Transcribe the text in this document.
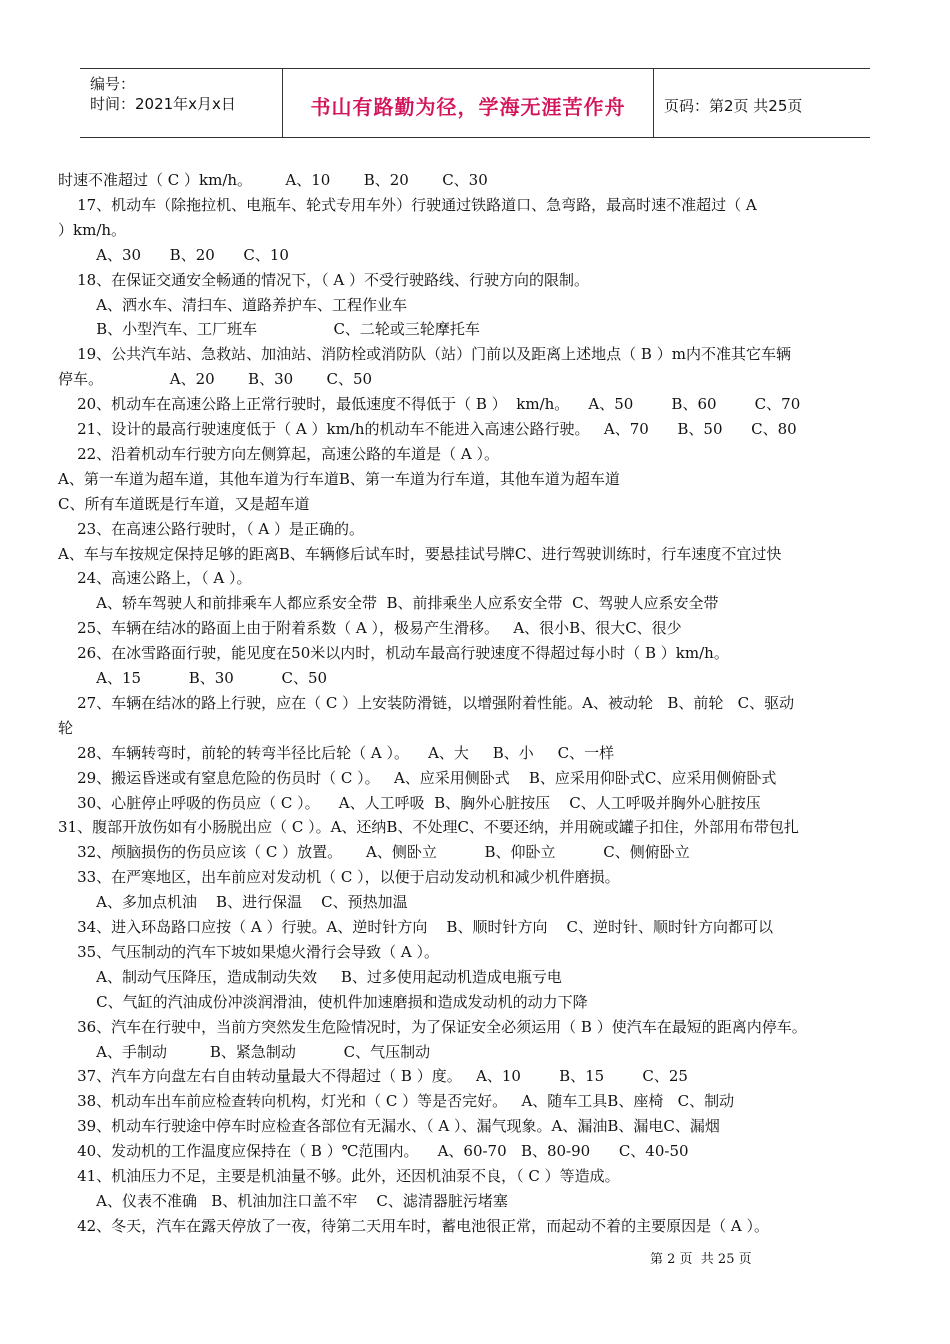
编号：
时间：2021年x月x日	书山有路勤为径，学海无涯苦作舟	页码：第2页 共25页
时速不准超过（ C ）km/h。       A、10       B、20       C、30
17、机动车（除拖拉机、电瓶车、轮式专用车外）行驶通过铁路道口、急弯路，最高时速不准超过（ A
）km/h。
A、30      B、20      C、10
18、在保证交通安全畅通的情况下，（ A ）不受行驶路线、行驶方向的限制。
A、洒水车、清扫车、道路养护车、工程作业车
B、小型汽车、工厂班车                C、二轮或三轮摩托车
19、公共汽车站、急救站、加油站、消防栓或消防队（站）门前以及距离上述地点（ B ）m内不准其它车辆
停车。              A、20       B、30       C、50
20、机动车在高速公路上正常行驶时，最低速度不得低于（ B ）  km/h。    A、50        B、60        C、70
21、设计的最高行驶速度低于（ A ）km/h的机动车不能进入高速公路行驶。   A、70      B、50      C、80
22、沿着机动车行驶方向左侧算起，高速公路的车道是（ A ）。
A、第一车道为超车道，其他车道为行车道B、第一车道为行车道，其他车道为超车道
C、所有车道既是行车道，又是超车道
23、在高速公路行驶时，（ A ）是正确的。
A、车与车按规定保持足够的距离B、车辆修后试车时，要悬挂试号牌C、进行驾驶训练时，行车速度不宜过快
24、高速公路上，（ A ）。
A、轿车驾驶人和前排乘车人都应系安全带  B、前排乘坐人应系安全带  C、驾驶人应系安全带
25、车辆在结冰的路面上由于附着系数（ A ），极易产生滑移。   A、很小B、很大C、很少
26、在冰雪路面行驶，能见度在50米以内时，机动车最高行驶速度不得超过每小时（ B ）km/h。
A、15          B、30          C、50
27、车辆在结冰的路上行驶，应在（ C ）上安装防滑链，以增强附着性能。A、被动轮   B、前轮   C、驱动
轮
28、车辆转弯时，前轮的转弯半径比后轮（ A ）。    A、大     B、小     C、一样
29、搬运昏迷或有窒息危险的伤员时（ C ）。   A、应采用侧卧式    B、应采用仰卧式C、应采用侧俯卧式
30、心脏停止呼吸的伤员应（ C ）。    A、人工呼吸  B、胸外心脏按压    C、人工呼吸并胸外心脏按压
31、腹部开放伤如有小肠脱出应（ C ）。A、还纳B、不处理C、不要还纳，并用碗或罐子扣住，外部用布带包扎
32、颅脑损伤的伤员应该（ C ）放置。     A、侧卧立          B、仰卧立          C、侧俯卧立
33、在严寒地区，出车前应对发动机（ C ），以便于启动发动机和减少机件磨损。
A、多加点机油    B、进行保温    C、预热加温
34、进入环岛路口应按（ A ）行驶。A、逆时针方向    B、顺时针方向    C、逆时针、顺时针方向都可以
35、气压制动的汽车下坡如果熄火滑行会导致（ A ）。
A、制动气压降压，造成制动失效     B、过多使用起动机造成电瓶亏电
C、气缸的汽油成份冲淡润滑油，使机件加速磨损和造成发动机的动力下降
36、汽车在行驶中，当前方突然发生危险情况时，为了保证安全必须运用（ B ）使汽车在最短的距离内停车。
A、手制动         B、紧急制动          C、气压制动
37、汽车方向盘左右自由转动量最大不得超过（ B ）度。   A、10        B、15        C、25
38、机动车出车前应检查转向机构，灯光和（ C ）等是否完好。   A、随车工具B、座椅   C、制动
39、机动车行驶途中停车时应检查各部位有无漏水、（ A ）、漏气现象。A、漏油B、漏电C、漏烟
40、发动机的工作温度应保持在（ B ）℃范围内。    A、60-70   B、80-90      C、40-50
41、机油压力不足，主要是机油量不够。此外，还因机油泵不良，（ C ）等造成。
A、仪表不准确   B、机油加注口盖不牢    C、滤清器脏污堵塞
42、冬天，汽车在露天停放了一夜，待第二天用车时，蓄电池很正常，而起动不着的主要原因是（ A ）。
第 2 页  共 25 页
